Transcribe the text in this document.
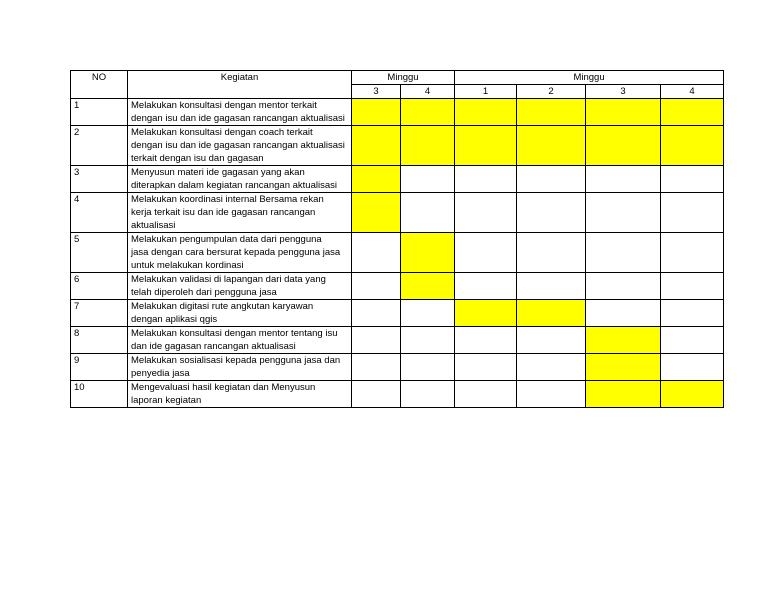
NO	Kegiatan	Minggu		Minggu			
		3	4	1	2	3	4
1	Melakukan konsultasi dengan mentor terkait
dengan isu dan ide gagasan rancangan aktualisasi						

2	Melakukan konsultasi dengan coach terkait
dengan isu dan ide gagasan rancangan aktualisasi
terkait dengan isu dan gagasan						

3	Menyusun materi ide gagasan yang akan
diterapkan dalam kegiatan rancangan aktualisasi						

4	Melakukan koordinasi internal Bersama rekan
kerja terkait isu dan ide gagasan rancangan
aktualisasi						

5	Melakukan pengumpulan data dari pengguna
jasa dengan cara bersurat kepada pengguna jasa
untuk melakukan kordinasi						

6	Melakukan validasi di lapangan dari data yang
telah diperoleh dari pengguna jasa						

7	Melakukan digitasi rute angkutan karyawan
dengan aplikasi qgis						

8	Melakukan konsultasi dengan mentor tentang isu
dan ide gagasan rancangan aktualisasi						

9	Melakukan sosialisasi kepada pengguna jasa dan
penyedia jasa						

10	Mengevaluasi hasil kegiatan dan Menyusun
laporan kegiatan						
